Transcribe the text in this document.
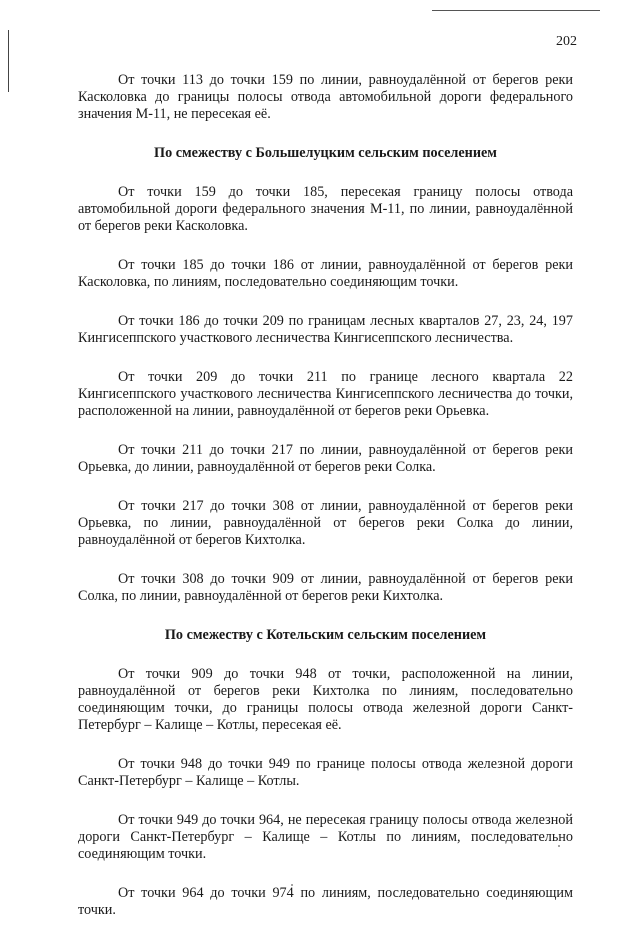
202

От точки 113 до точки 159 по линии, равноудалённой от берегов реки Касколовка до границы полосы отвода автомобильной дороги федерального значения М-11, не пересекая её.

По смежеству с Большелуцким сельским поселением

От точки 159 до точки 185, пересекая границу полосы отвода автомобильной дороги федерального значения М-11, по линии, равноудалённой от берегов реки Касколовка.

От точки 185 до точки 186 от линии, равноудалённой от берегов реки Касколовка, по линиям, последовательно соединяющим точки.

От точки 186 до точки 209 по границам лесных кварталов 27, 23, 24, 197 Кингисеппского участкового лесничества Кингисеппского лесничества.

От точки 209 до точки 211 по границе лесного квартала 22 Кингисеппского участкового лесничества Кингисеппского лесничества до точки, расположенной на линии, равноудалённой от берегов реки Орьевка.

От точки 211 до точки 217 по линии, равноудалённой от берегов реки Орьевка, до линии, равноудалённой от берегов реки Солка.

От точки 217 до точки 308 от линии, равноудалённой от берегов реки Орьевка, по линии, равноудалённой от берегов реки Солка до линии, равноудалённой от берегов Кихтолка.

От точки 308 до точки 909 от линии, равноудалённой от берегов реки Солка, по линии, равноудалённой от берегов реки Кихтолка.

По смежеству с Котельским сельским поселением

От точки 909 до точки 948 от точки, расположенной на линии, равноудалённой от берегов реки Кихтолка по линиям, последовательно соединяющим точки, до границы полосы отвода железной дороги Санкт-Петербург – Калище – Котлы, пересекая её.

От точки 948 до точки 949 по границе полосы отвода железной дороги Санкт-Петербург – Калище – Котлы.

От точки 949 до точки 964, не пересекая границу полосы отвода железной дороги Санкт-Петербург – Калище – Котлы по линиям, последовательно соединяющим точки.

От точки 964 до точки 974 по линиям, последовательно соединяющим точки.
